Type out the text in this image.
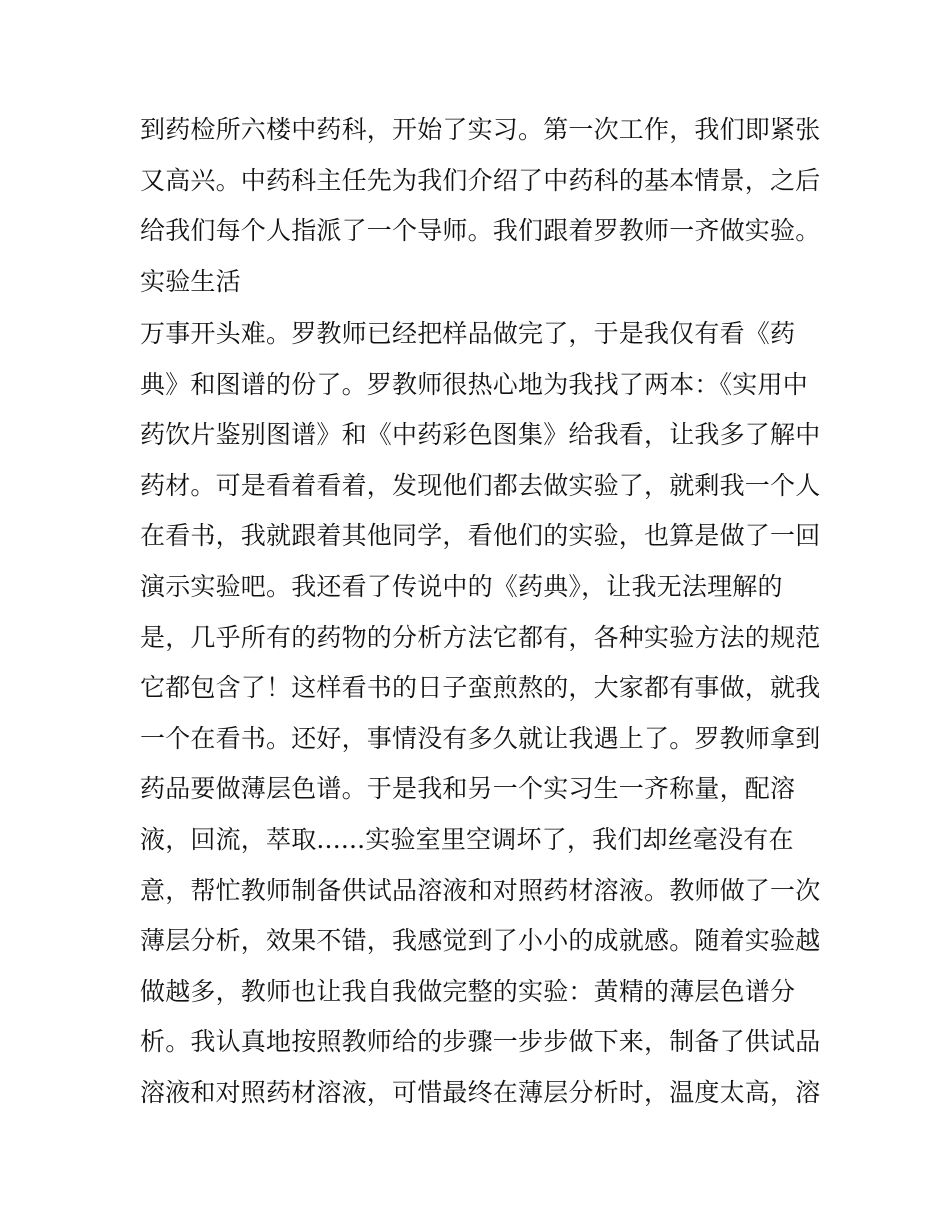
到药检所六楼中药科，开始了实习。第一次工作，我们即紧张
又高兴。中药科主任先为我们介绍了中药科的基本情景，之后
给我们每个人指派了一个导师。我们跟着罗教师一齐做实验。
实验生活
万事开头难。罗教师已经把样品做完了，于是我仅有看《药
典》和图谱的份了。罗教师很热心地为我找了两本：《实用中
药饮片鉴别图谱》和《中药彩色图集》给我看，让我多了解中
药材。可是看着看着，发现他们都去做实验了，就剩我一个人
在看书，我就跟着其他同学，看他们的实验，也算是做了一回
演示实验吧。我还看了传说中的《药典》，让我无法理解的
是，几乎所有的药物的分析方法它都有，各种实验方法的规范
它都包含了！这样看书的日子蛮煎熬的，大家都有事做，就我
一个在看书。还好，事情没有多久就让我遇上了。罗教师拿到
药品要做薄层色谱。于是我和另一个实习生一齐称量，配溶
液，回流，萃取......实验室里空调坏了，我们却丝毫没有在
意，帮忙教师制备供试品溶液和对照药材溶液。教师做了一次
薄层分析，效果不错，我感觉到了小小的成就感。随着实验越
做越多，教师也让我自我做完整的实验：黄精的薄层色谱分
析。我认真地按照教师给的步骤一步步做下来，制备了供试品
溶液和对照药材溶液，可惜最终在薄层分析时，温度太高，溶
